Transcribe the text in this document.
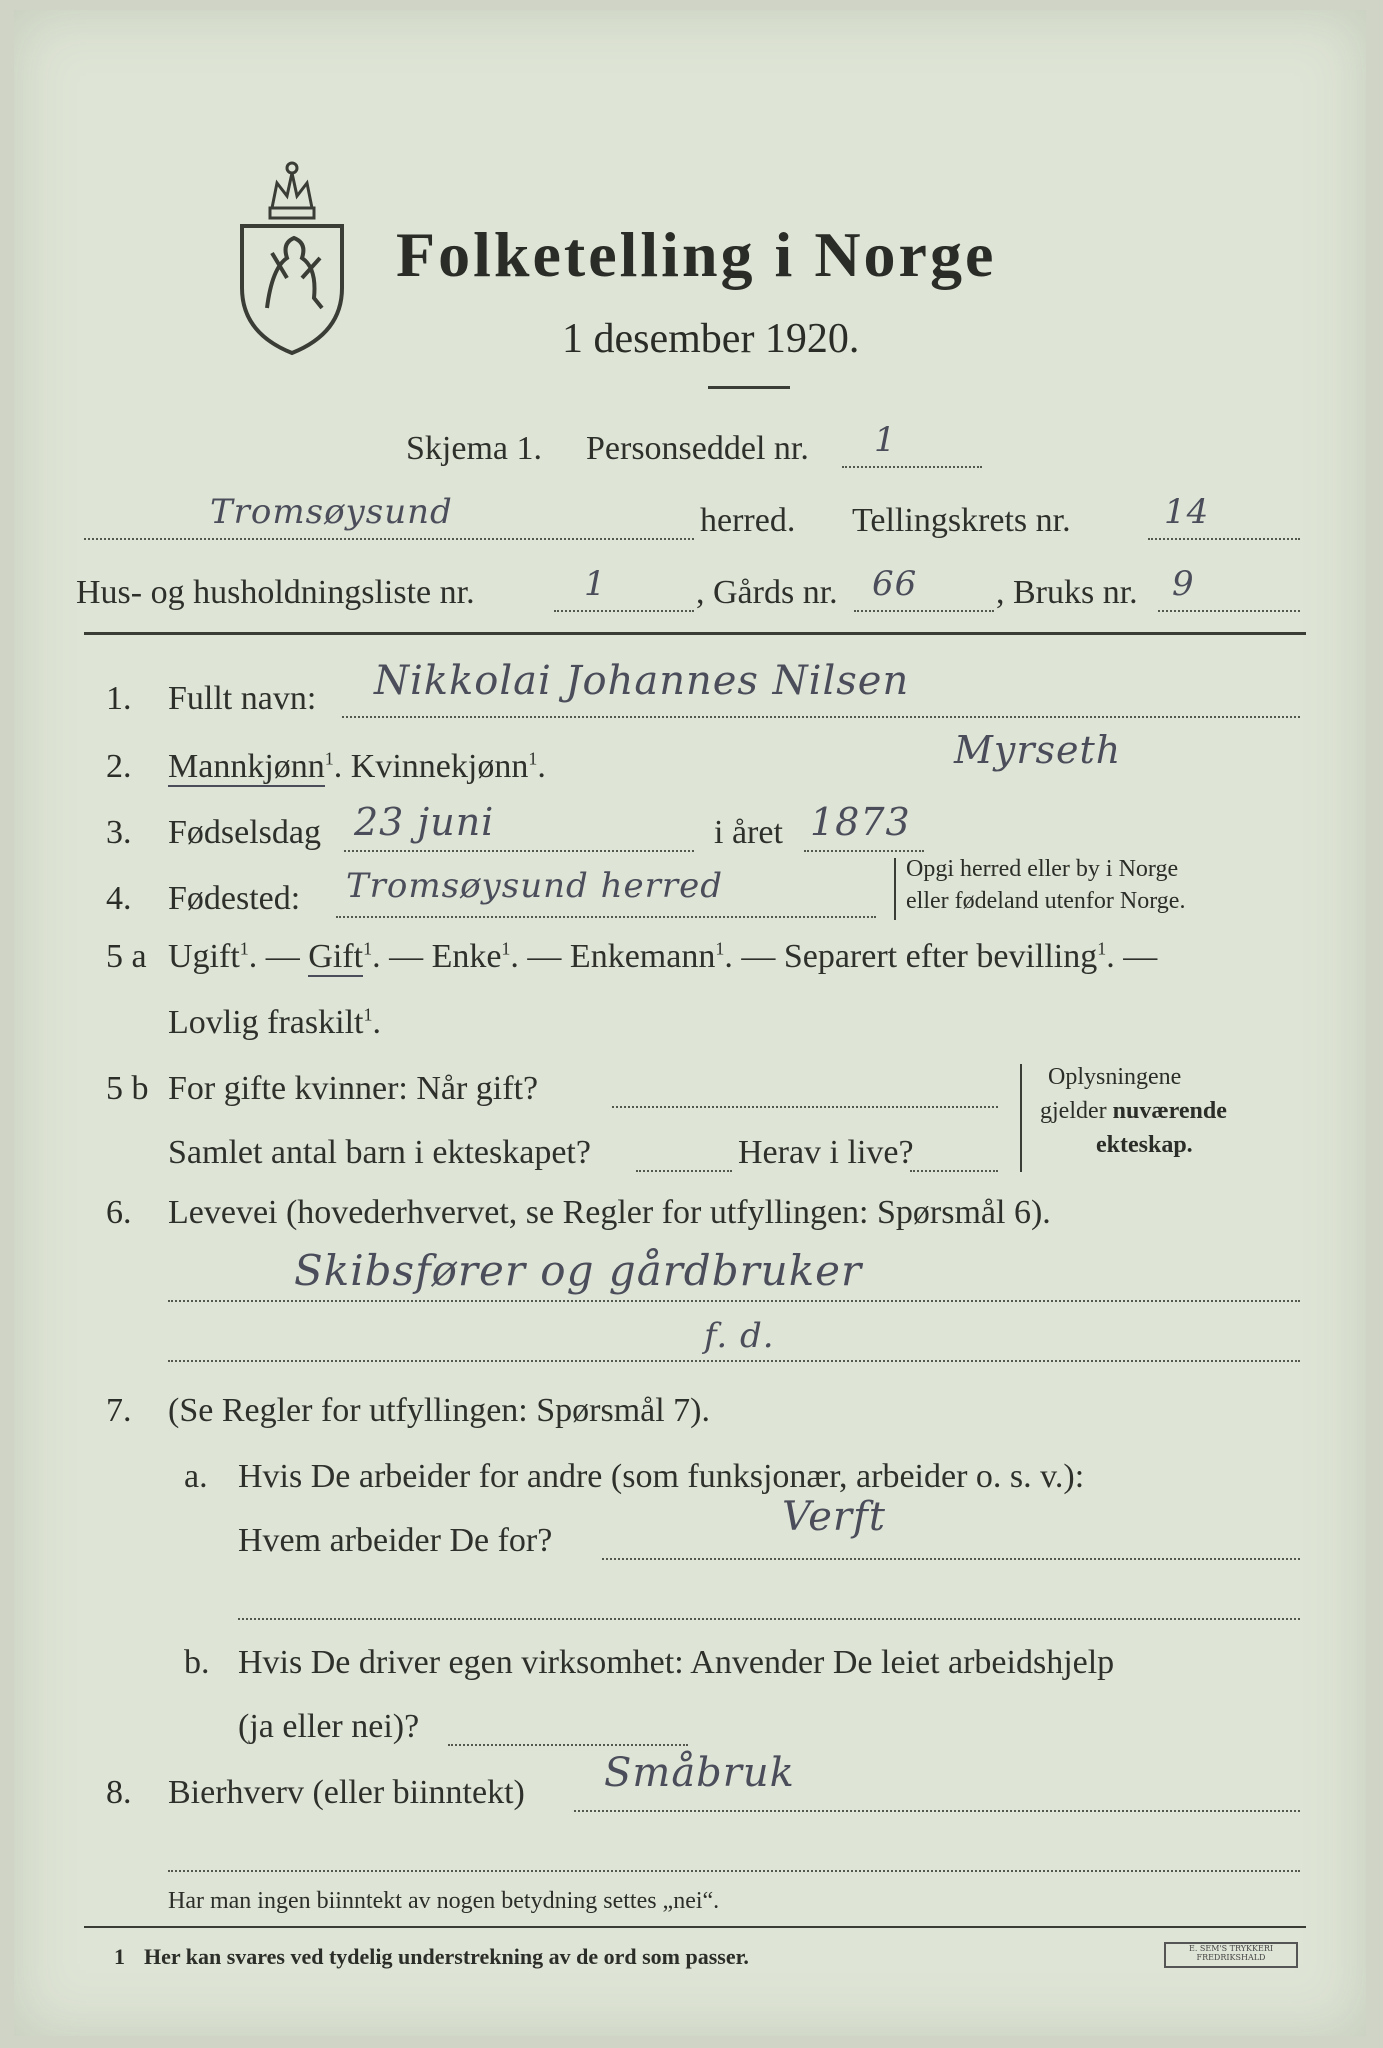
Folketelling i Norge
1 desember 1920.
Skjema 1. Personseddel nr. 1
Tromsøysund	herred. Tellingskrets nr.	14
Hus- og husholdningsliste nr.	1	, Gårds nr. 66 , Bruks nr. 9
1. Fullt navn: Nikkolai Johannes Nilsen
Myrseth
2. Mannkjønn$^1$. Kvinnekjønn$^1$.
3. Fødselsdag 23 juni	i året 1873
4. Fødested: Tromsøysund herred	Opgi herred eller by i Norge
eller fødeland utenfor Norge.
5 a Ugift$^1$. — Gift$^1$. — Enke$^1$. — Enkemann$^1$. — Separert efter bevilling$^1$. —
Lovlig fraskilt$^1$.
5 b For gifte kvinner: Når gift?
Samlet antal barn i ekteskapet?	Herav i live?
Oplysningene
gjelder nuværende
ekteskap.
6. Levevei (hovederhvervet, se Regler for utfyllingen: Spørsmål 6).
Skibsfører og gårdbruker
f. d.
7. (Se Regler for utfyllingen: Spørsmål 7).
a. Hvis De arbeider for andre (som funksjonær, arbeider o. s. v.):
Hvem arbeider De for?
Verft
b. Hvis De driver egen virksomhet: Anvender De leiet arbeidshjelp
(ja eller nei)?
8. Bierhverv (eller biinntekt) Småbruk
Har man ingen biinntekt av nogen betydning settes „nei“.
1 Her kan svares ved tydelig understrekning av de ord som passer.	E. SEM'S TRYKKERI FREDRIKSHALD
